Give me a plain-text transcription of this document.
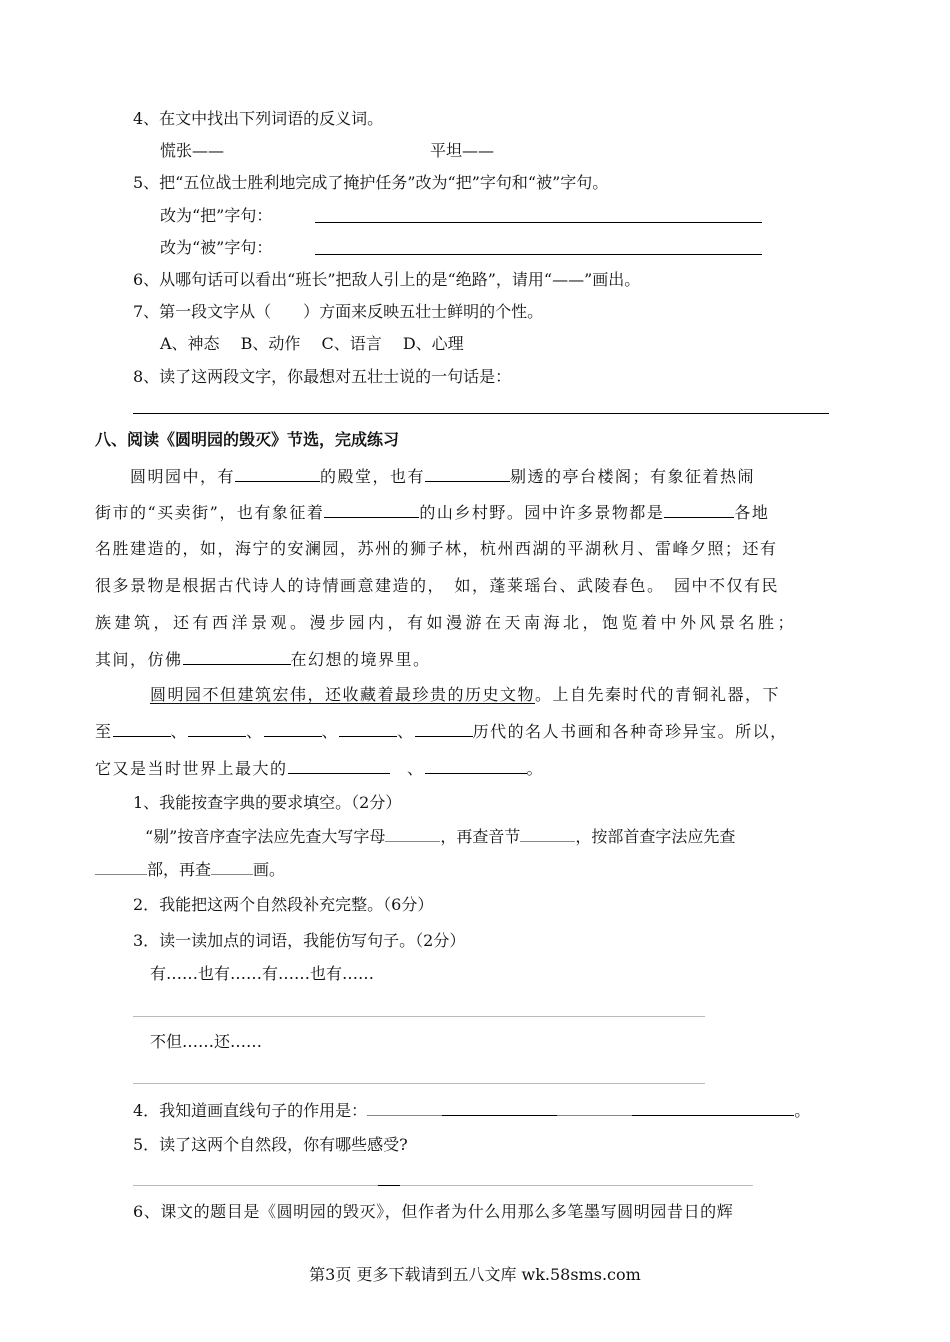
4、在文中找出下列词语的反义词。
慌张——	平坦——
5、把“五位战士胜利地完成了掩护任务”改为“把”字句和“被”字句。
改为“把”字句：
改为“被”字句：
6、从哪句话可以看出“班长”把敌人引上的是“绝路”，请用“——”画出。
7、第一段文字从（　　）方面来反映五壮士鲜明的个性。
A、神态　 B、动作　 C、语言　 D、心理
8、读了这两段文字，你最想对五壮士说的一句话是：
八、阅读《圆明园的毁灭》节选，完成练习
圆明园中，有	的殿堂，也有	剔透的亭台楼阁；有象征着热闹
街市的“买卖街”，也有象征着	的山乡村野。园中许多景物都是	各地
名胜建造的，如，海宁的安澜园，苏州的狮子林，杭州西湖的平湖秋月、雷峰夕照；还有
很多景物是根据古代诗人的诗情画意建造的，　如，蓬莱瑶台、武陵春色。　园中不仅有民
族建筑，还有西洋景观。漫步园内，有如漫游在天南海北，饱览着中外风景名胜；
其间，仿佛	在幻想的境界里。
圆明园不但建筑宏伟，还收藏着最珍贵的历史文物。上自先秦时代的青铜礼器，下
至	、	、	、	、	历代的名人书画和各种奇珍异宝。所以，
它又是当时世界上最大的	　、	。
1、我能按查字典的要求填空。（2分）
“剔”按音序查字法应先查大写字母	，再查音节	，按部首查字法应先查
部，再查	画。
2．我能把这两个自然段补充完整。（6分）
3．读一读加点的词语，我能仿写句子。（2分）
有……也有……有……也有……
不但……还……
4．我知道画直线句子的作用是：	。
5．读了这两个自然段，你有哪些感受?
6、课文的题目是《圆明园的毁灭》，但作者为什么用那么多笔墨写圆明园昔日的辉
第3页 更多下载请到五八文库 wk.58sms.com
